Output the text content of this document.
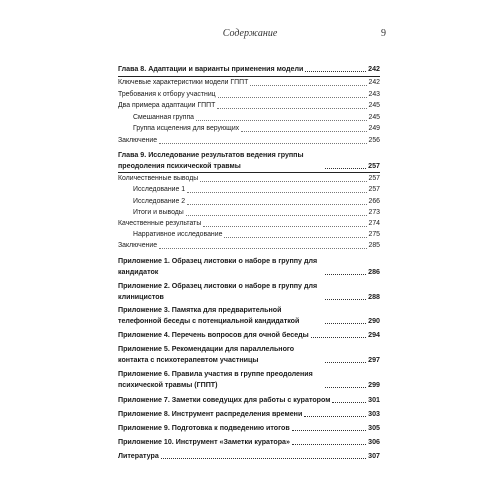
Содержание	9
Глава 8. Адаптации и варианты применения модели	242
Ключевые характеристики модели ГППТ	242
Требования к отбору участниц	243
Два примера адаптации ГППТ	245
Смешанная группа	245
Группа исцеления для верующих	249
Заключение	256
Глава 9. Исследование результатов ведения группы преодоления психической травмы	257
Количественные выводы	257
Исследование 1	257
Исследование 2	266
Итоги и выводы	273
Качественные результаты	274
Нарративное исследование	275
Заключение	285
Приложение 1. Образец листовки о наборе в группу для кандидаток	286
Приложение 2. Образец листовки о наборе в группу для клиницистов	288
Приложение 3. Памятка для предварительной телефонной беседы с потенциальной кандидаткой	290
Приложение 4. Перечень вопросов для очной беседы	294
Приложение 5. Рекомендации для параллельного контакта с психотерапевтом участницы	297
Приложение 6. Правила участия в группе преодоления психической травмы (ГППТ)	299
Приложение 7. Заметки соведущих для работы с куратором	301
Приложение 8. Инструмент распределения времени	303
Приложение 9. Подготовка к подведению итогов	305
Приложение 10. Инструмент «Заметки куратора»	306
Литература	307
